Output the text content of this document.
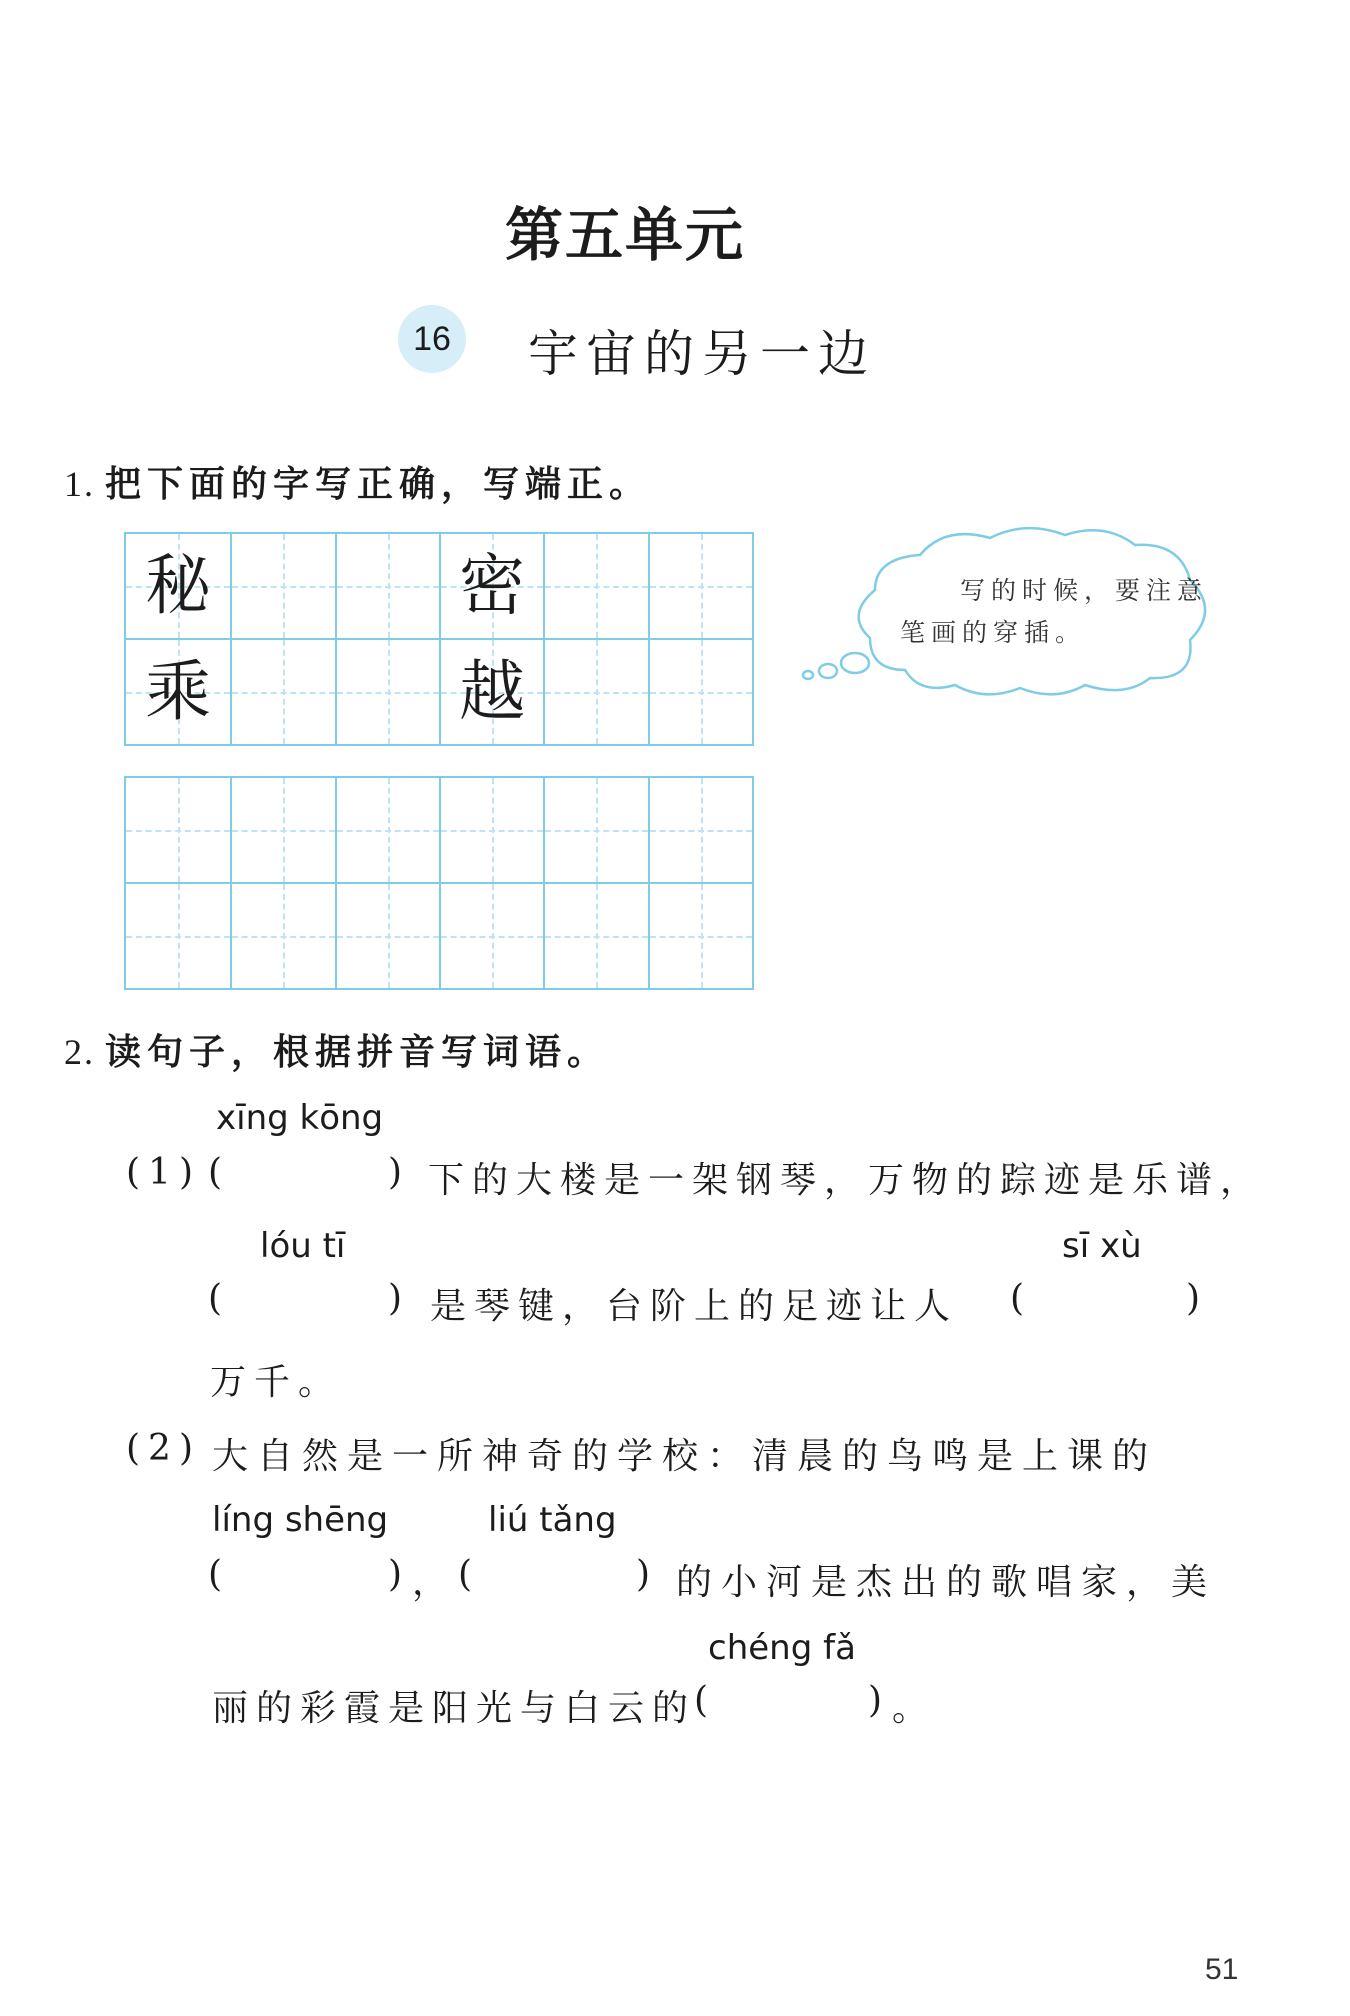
第五单元
16	宇宙的另一边
1. 把下面的字写正确，写端正。
秘	密
乘	越
写的时候，要注意笔画的穿插。
2. 读句子，根据拼音写词语。
xīng kōng
(1) (	) 下的大楼是一架钢琴，万物的踪迹是乐谱，
lóu tī	sī xù
(	) 是琴键，台阶上的足迹让人 (	)
万千。
(2) 大自然是一所神奇的学校：清晨的鸟鸣是上课的
líng shēng	liú tǎng
(	) ， (	) 的小河是杰出的歌唱家，美
chéng fǎ
丽的彩霞是阳光与白云的
(	) 。
51
